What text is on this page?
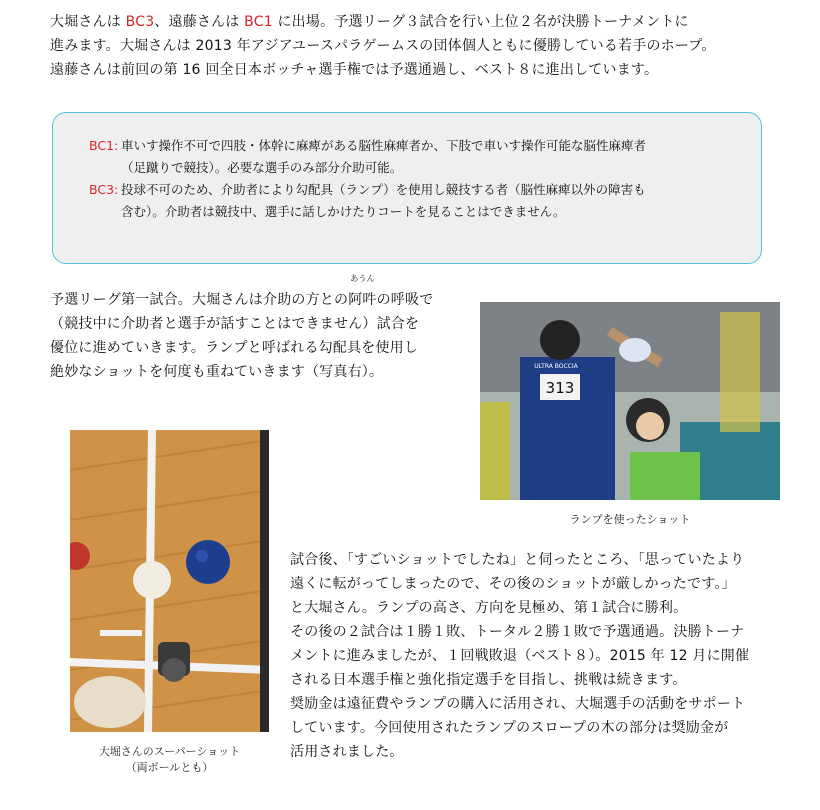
大堀さんは BC3、遠藤さんは BC1 に出場。予選リーグ３試合を行い上位２名が決勝トーナメントに
進みます。大堀さんは 2013 年アジアユースパラゲームスの団体個人ともに優勝している若手のホープ。
遠藤さんは前回の第 16 回全日本ボッチャ選手権では予選通過し、ベスト８に進出しています。
BC1: 車いす操作不可で四肢・体幹に麻痺がある脳性麻痺者か、下肢で車いす操作可能な脳性麻痺者
（足蹴りで競技）。必要な選手のみ部分介助可能。
BC3: 投球不可のため、介助者により勾配具（ランプ）を使用し競技する者（脳性麻痺以外の障害も
含む）。介助者は競技中、選手に話しかけたりコートを見ることはできません。
予選リーグ第一試合。大堀さんは介助の方との
あうん
阿吽の呼吸で
（競技中に介助者と選手が話すことはできません）試合を
優位に進めていきます。ランプと呼ばれる勾配具を使用し
絶妙なショットを何度も重ねていきます（写真右）。
313
ULTRA BOCCIA
ランプを使ったショット
大堀さんのスーパーショット
（両ボールとも）
試合後、「すごいショットでしたね」と伺ったところ、「思っていたより
遠くに転がってしまったので、その後のショットが厳しかったです。」
と大堀さん。ランプの高さ、方向を見極め、第１試合に勝利。
その後の２試合は１勝１敗、トータル２勝１敗で予選通過。決勝トーナ
メントに進みましたが、１回戦敗退（ベスト８）。2015 年 12 月に開催
される日本選手権と強化指定選手を目指し、挑戦は続きます。
奨励金は遠征費やランプの購入に活用され、大堀選手の活動をサポート
しています。今回使用されたランプのスロープの木の部分は奨励金が
活用されました。
